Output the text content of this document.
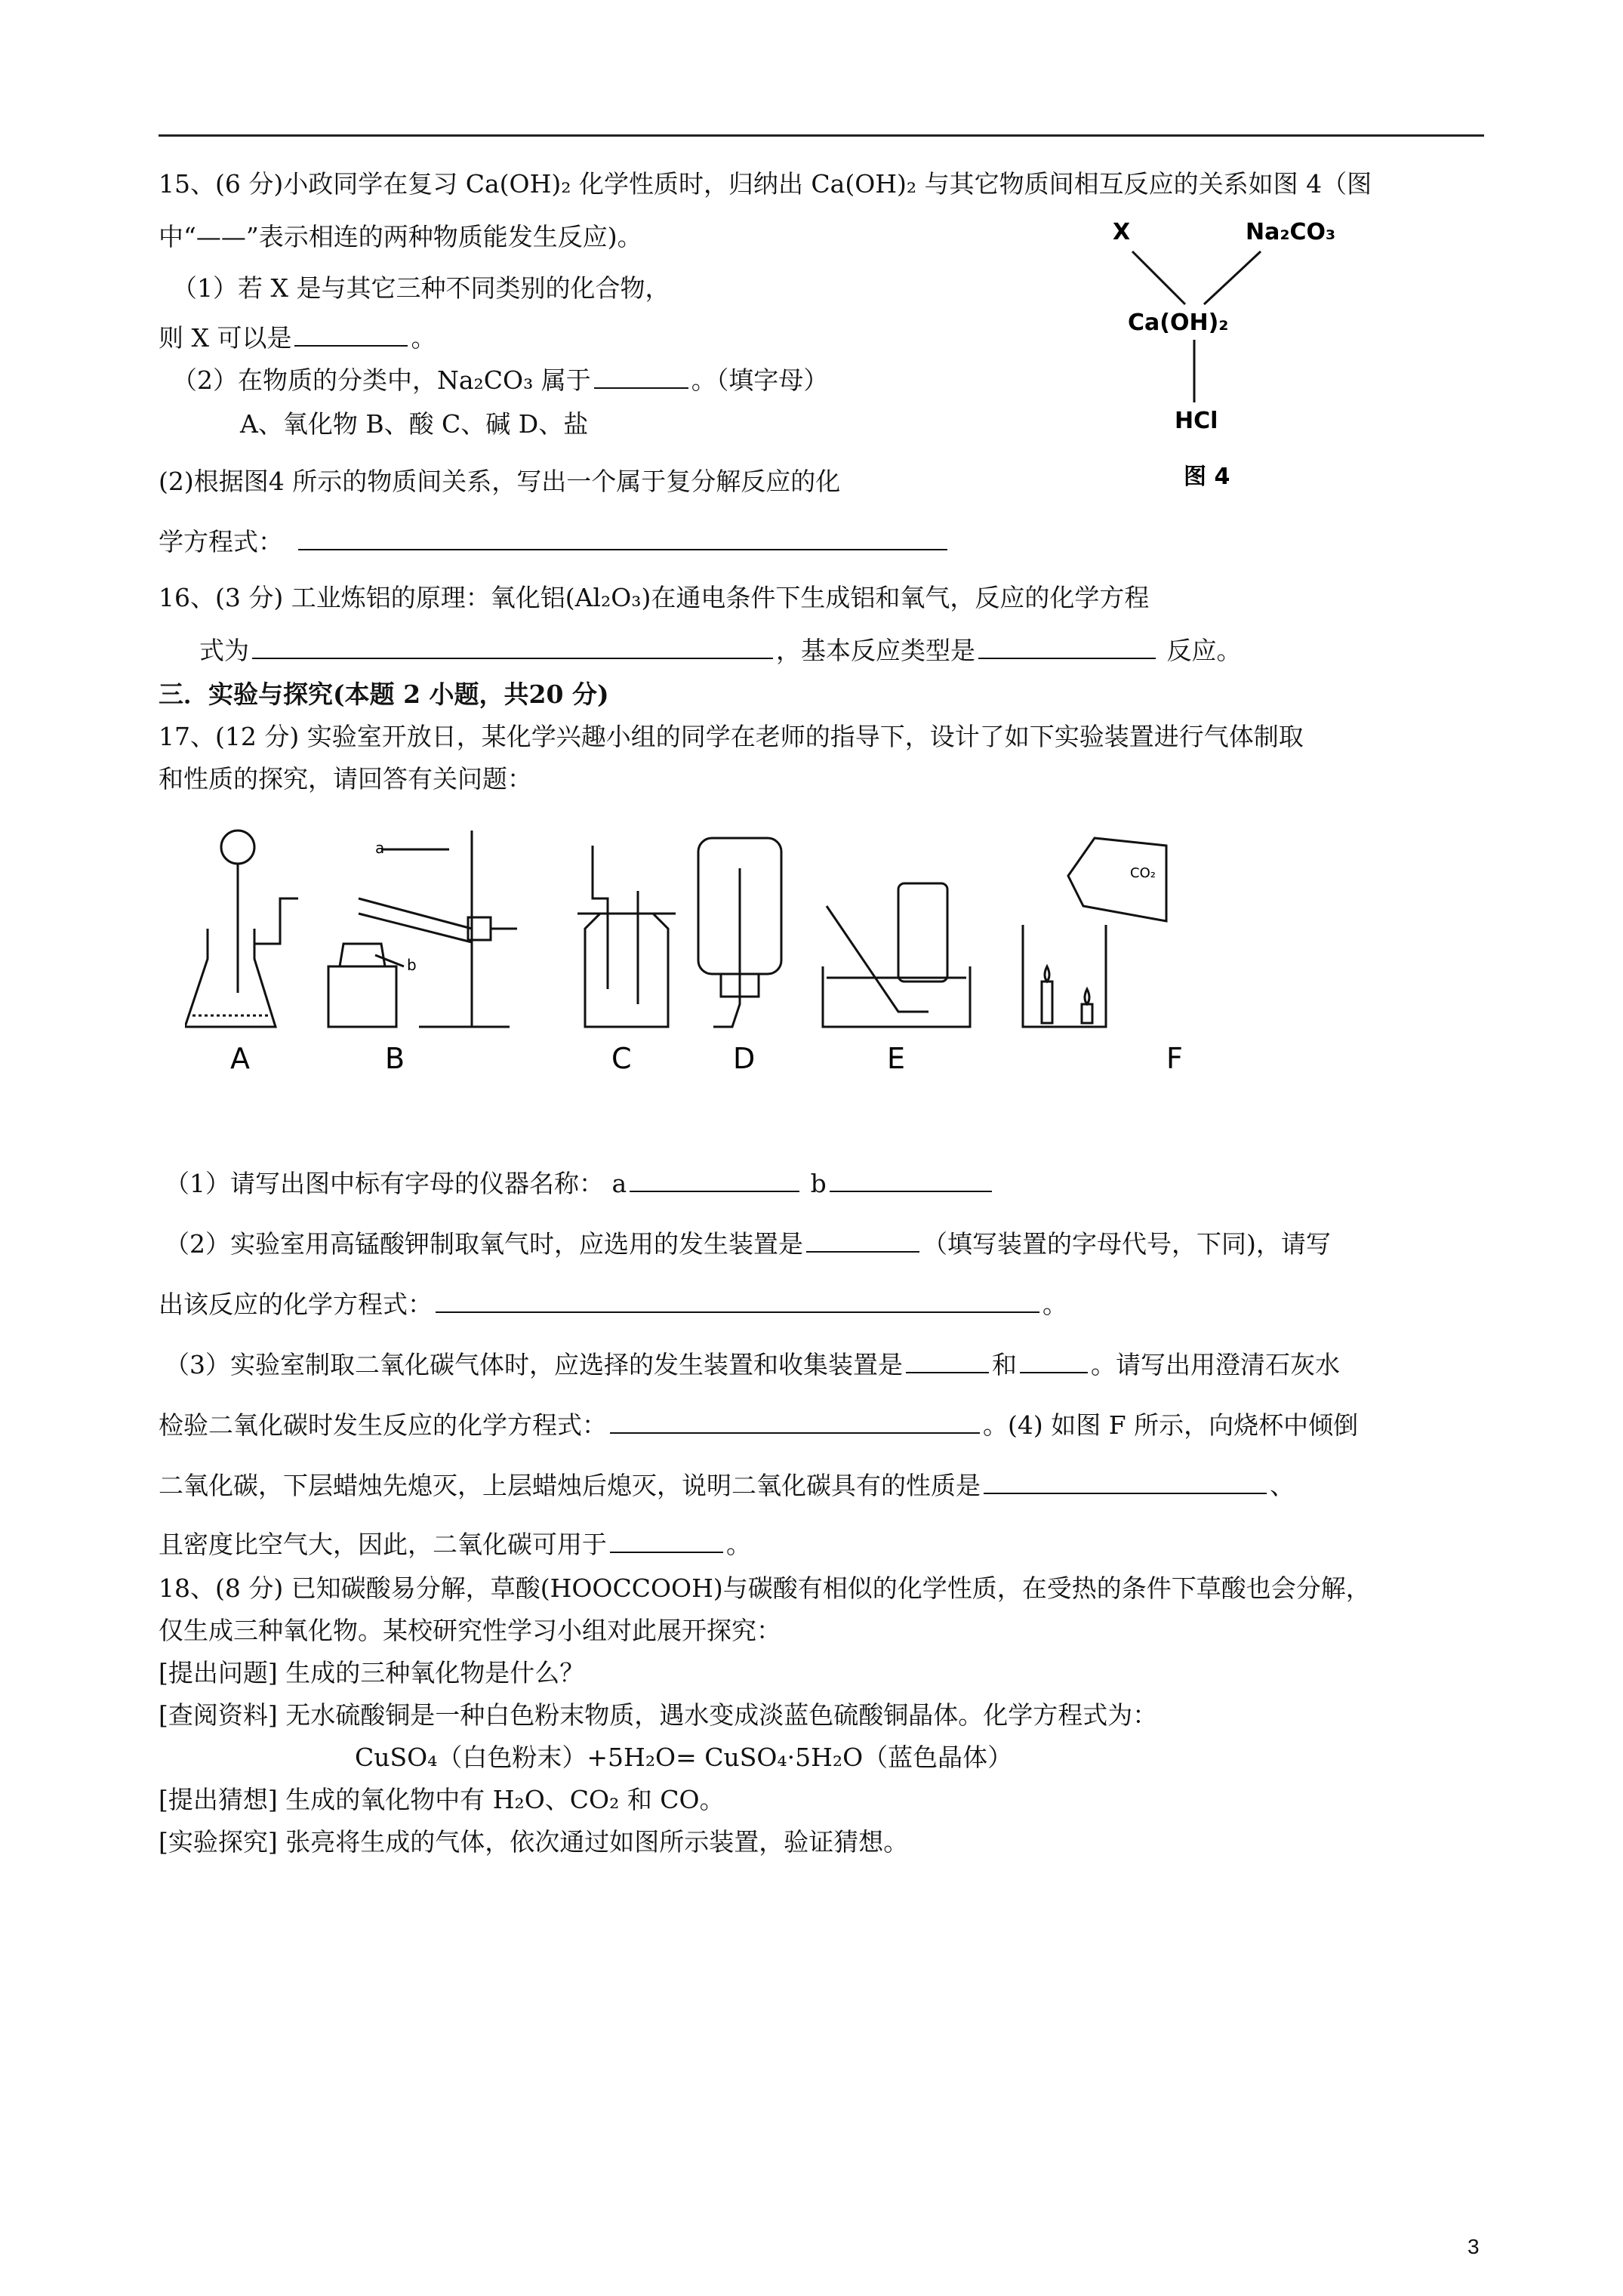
15、(6 分)小政同学在复习 Ca(OH)₂ 化学性质时，归纳出 Ca(OH)₂ 与其它物质间相互反应的关系如图 4（图
中“——”表示相连的两种物质能发生反应)。
（1）若 X 是与其它三种不同类别的化合物，
则 X 可以是	。
（2）在物质的分类中，Na₂CO₃ 属于	。（填字母）
A、氧化物 B、酸 C、碱 D、盐
(2)根据图4 所示的物质间关系，写出一个属于复分解反应的化
学方程式：
X	Na₂CO₃
Ca(OH)₂
HCl
图 4
16、(3 分) 工业炼铝的原理：氧化铝(Al₂O₃)在通电条件下生成铝和氧气，反应的化学方程
式为	，基本反应类型是	反应。
三．实验与探究(本题 2 小题，共20 分)
17、(12 分) 实验室开放日，某化学兴趣小组的同学在老师的指导下，设计了如下实验装置进行气体制取
和性质的探究，请回答有关问题：
CO₂
a
b
A	B	C	D	E	F
（1）请写出图中标有字母的仪器名称： a	b
（2）实验室用高锰酸钾制取氧气时，应选用的发生装置是	（填写装置的字母代号，下同)，请写
出该反应的化学方程式：	。
（3）实验室制取二氧化碳气体时，应选择的发生装置和收集装置是	和	。请写出用澄清石灰水
检验二氧化碳时发生反应的化学方程式：	。(4) 如图 F 所示，向烧杯中倾倒
二氧化碳，下层蜡烛先熄灭，上层蜡烛后熄灭，说明二氧化碳具有的性质是	、
且密度比空气大，因此，二氧化碳可用于	。
18、(8 分) 已知碳酸易分解，草酸(HOOCCOOH)与碳酸有相似的化学性质，在受热的条件下草酸也会分解，
仅生成三种氧化物。某校研究性学习小组对此展开探究：
[提出问题] 生成的三种氧化物是什么？
[查阅资料] 无水硫酸铜是一种白色粉末物质，遇水变成淡蓝色硫酸铜晶体。化学方程式为：
CuSO₄（白色粉末）+5H₂O= CuSO₄·5H₂O（蓝色晶体）
[提出猜想] 生成的氧化物中有 H₂O、CO₂ 和 CO。
[实验探究] 张亮将生成的气体，依次通过如图所示装置，验证猜想。
3
